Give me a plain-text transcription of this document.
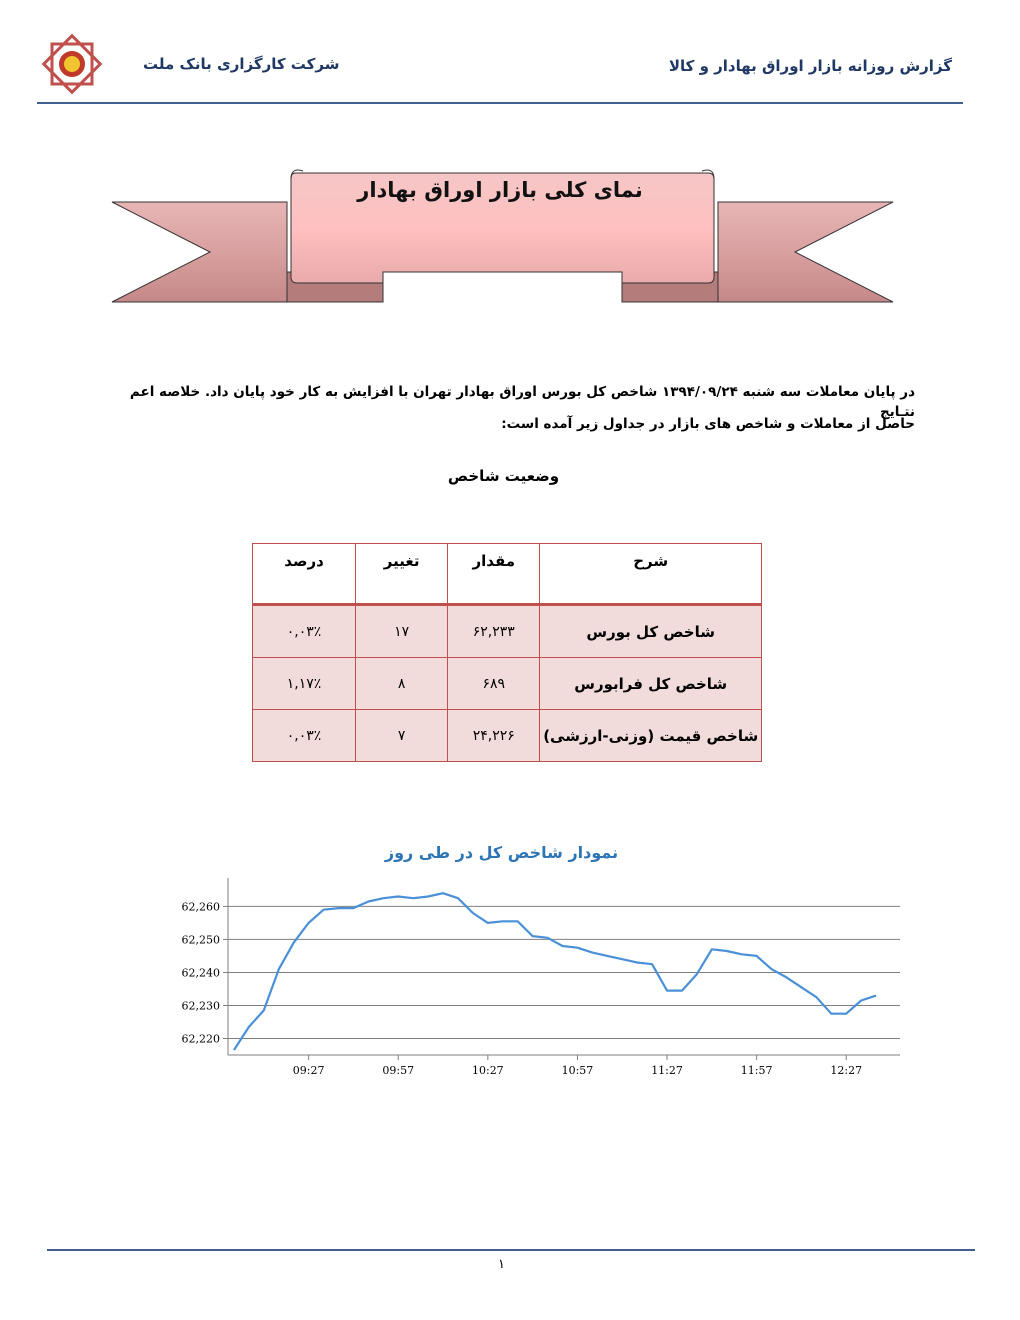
گزارش روزانه بازار اوراق بهادار و کالا
شرکت کارگزاری بانک ملت
نمای کلی بازار اوراق بهادار
در پایان معاملات سه شنبه ۱۳۹۴/۰۹/۲۴ شاخص کل بورس اوراق بهادار تهران با افزایش به کار خود پایان داد. خلاصه اعم نتـایج
حاصل از معاملات و شاخص های بازار در جداول زیر آمده است:
وضعیت شاخص
شرح	مقدار	تغییر	درصد
شاخص کل بورس	۶۲,۲۳۳	۱۷	۰,۰۳٪
شاخص کل فرابورس	۶۸۹	۸	۱,۱۷٪
شاخص قیمت (وزنی-ارزشی)	۲۴,۲۲۶	۷	۰,۰۳٪
نمودار شاخص کل در طی روز
62,220
62,230
62,240
62,250
62,260
09:27	09:57	10:27	10:57	11:27	11:57	12:27
۱
